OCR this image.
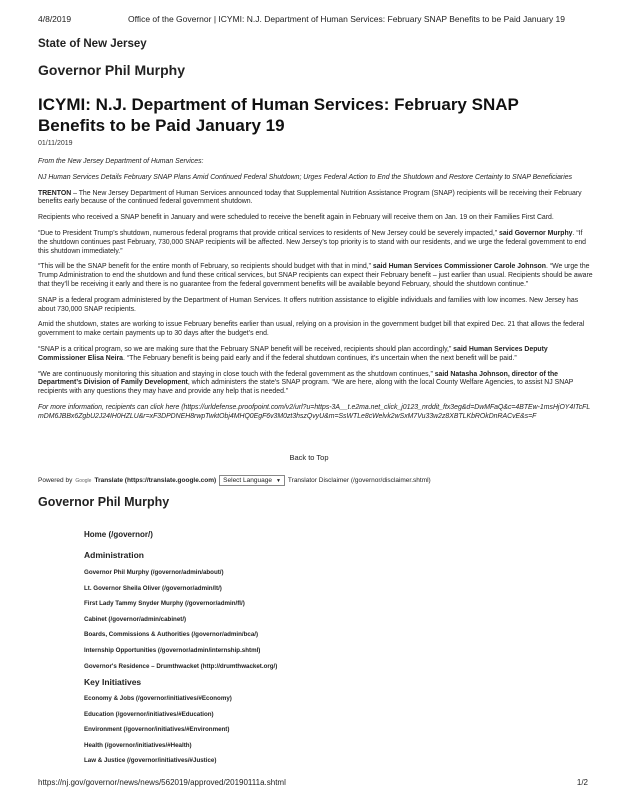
4/8/2019	Office of the Governor | ICYMI: N.J. Department of Human Services: February SNAP Benefits to be Paid January 19
State of New Jersey
Governor Phil Murphy
ICYMI: N.J. Department of Human Services: February SNAP Benefits to be Paid January 19
01/11/2019

From the New Jersey Department of Human Services:

NJ Human Services Details February SNAP Plans Amid Continued Federal Shutdown; Urges Federal Action to End the Shutdown and Restore Certainty to SNAP Beneficiaries

TRENTON – The New Jersey Department of Human Services announced today that Supplemental Nutrition Assistance Program (SNAP) recipients will be receiving their February benefits early because of the continued federal government shutdown.

Recipients who received a SNAP benefit in January and were scheduled to receive the benefit again in February will receive them on Jan. 19 on their Families First Card.

“Due to President Trump’s shutdown, numerous federal programs that provide critical services to residents of New Jersey could be severely impacted,” said Governor Murphy. “If the shutdown continues past February, 730,000 SNAP recipients will be affected. New Jersey’s top priority is to stand with our residents, and we urge the federal government to end this shutdown immediately.”

“This will be the SNAP benefit for the entire month of February, so recipients should budget with that in mind,” said Human Services Commissioner Carole Johnson. “We urge the Trump Administration to end the shutdown and fund these critical services, but SNAP recipients can expect their February benefit – just earlier than usual. Recipients should be aware that they’ll be receiving it early and there is no guarantee from the federal government benefits will be available beyond February, should the shutdown continue.”

SNAP is a federal program administered by the Department of Human Services. It offers nutrition assistance to eligible individuals and families with low incomes. New Jersey has about 730,000 SNAP recipients.

Amid the shutdown, states are working to issue February benefits earlier than usual, relying on a provision in the government budget bill that expired Dec. 21 that allows the federal government to make certain payments up to 30 days after the budget’s end.

“SNAP is a critical program, so we are making sure that the February SNAP benefit will be received, recipients should plan accordingly,” said Human Services Deputy Commissioner Elisa Neira. “The February benefit is being paid early and if the federal shutdown continues, it’s uncertain when the next benefit will be paid.”

“We are continuously monitoring this situation and staying in close touch with the federal government as the shutdown continues,” said Natasha Johnson, director of the Department’s Division of Family Development, which administers the state’s SNAP program. “We are here, along with the local County Welfare Agencies, to assist NJ SNAP recipients with any questions they may have and provide any help that is needed.”

For more information, recipients can click here (https://urldefense.proofpoint.com/v2/url?u=https-3A__t.e2ma.net_click_j0123_nrddit_ftx3eg&d=DwMFaQ&c=4BTEw-1msHjOY4ITcFLmDM6JBBx6ZgbU2J24IH0HZLU&r=xF3DPDNEH8rwpTwktObj4MHQ0EgF6v3M0zt3hszQvyU&m=SsWTLe8cWelvk2wSxM7Vu33w2z8XBTLKbROkDnRACvE&s=F

Back to Top
Powered by Google Translate (https://translate.google.com) Select Language ▼ Translator Disclaimer (/governor/disclaimer.shtml)
Governor Phil Murphy
Home (/governor/)
Administration
Governor Phil Murphy (/governor/admin/about/)
Lt. Governor Sheila Oliver (/governor/admin/lt/)
First Lady Tammy Snyder Murphy (/governor/admin/fl/)
Cabinet (/governor/admin/cabinet/)
Boards, Commissions & Authorities (/governor/admin/bca/)
Internship Opportunities (/governor/admin/internship.shtml)
Governor's Residence – Drumthwacket (http://drumthwacket.org/)
Key Initiatives
Economy & Jobs (/governor/initiatives/#Economy)
Education (/governor/initiatives/#Education)
Environment (/governor/initiatives/#Environment)
Health (/governor/initiatives/#Health)
Law & Justice (/governor/initiatives/#Justice)
https://nj.gov/governor/news/news/562019/approved/20190111a.shtml	1/2
